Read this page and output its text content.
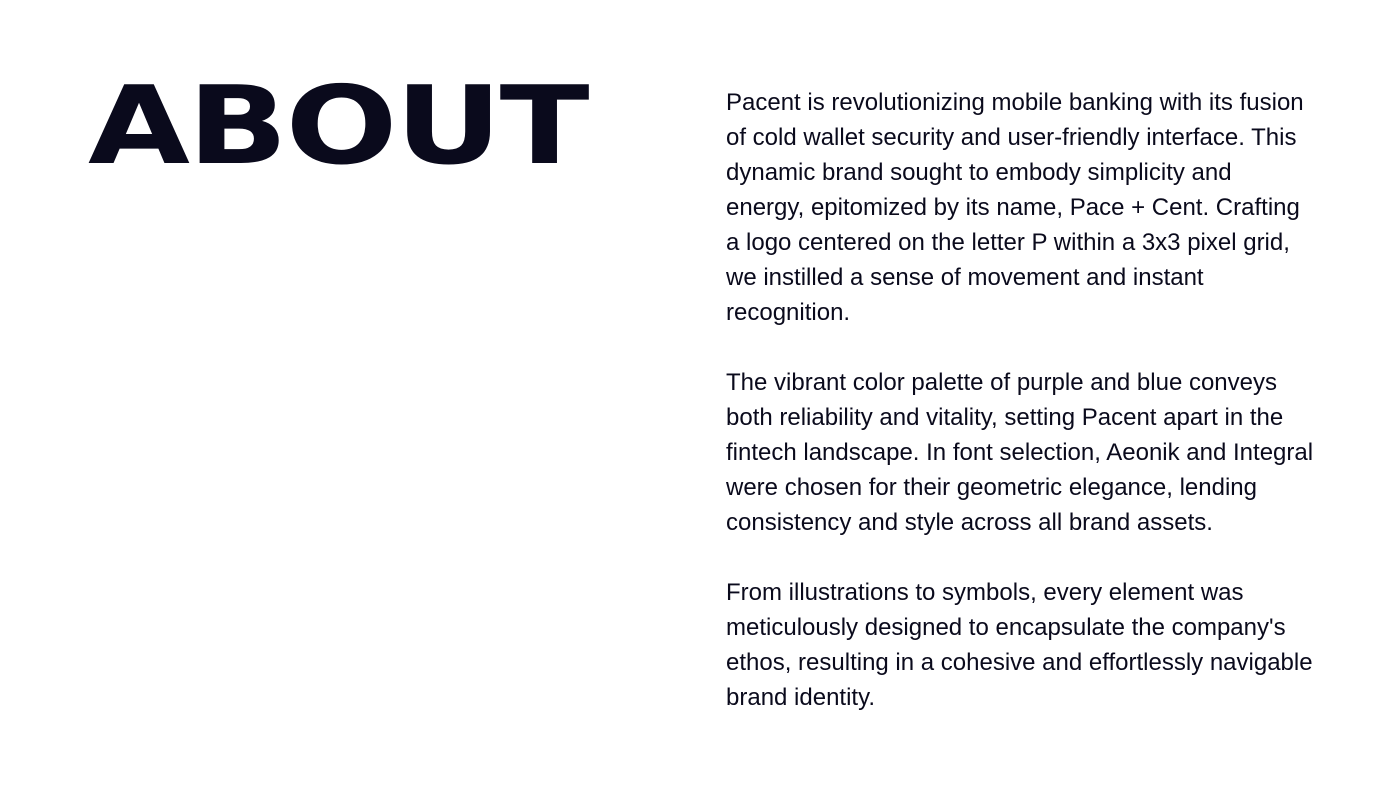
ABOUT	Pacent is revolutionizing mobile banking with its fusion of cold wallet security and user-friendly interface. This dynamic brand sought to embody simplicity and energy, epitomized by its name, Pace + Cent. Crafting a logo centered on the letter P within a 3x3 pixel grid, we instilled a sense of movement and instant recognition.

The vibrant color palette of purple and blue conveys both reliability and vitality, setting Pacent apart in the fintech landscape. In font selection, Aeonik and Integral were chosen for their geometric elegance, lending consistency and style across all brand assets.

From illustrations to symbols, every element was meticulously designed to encapsulate the company's ethos, resulting in a cohesive and effortlessly navigable brand identity.
